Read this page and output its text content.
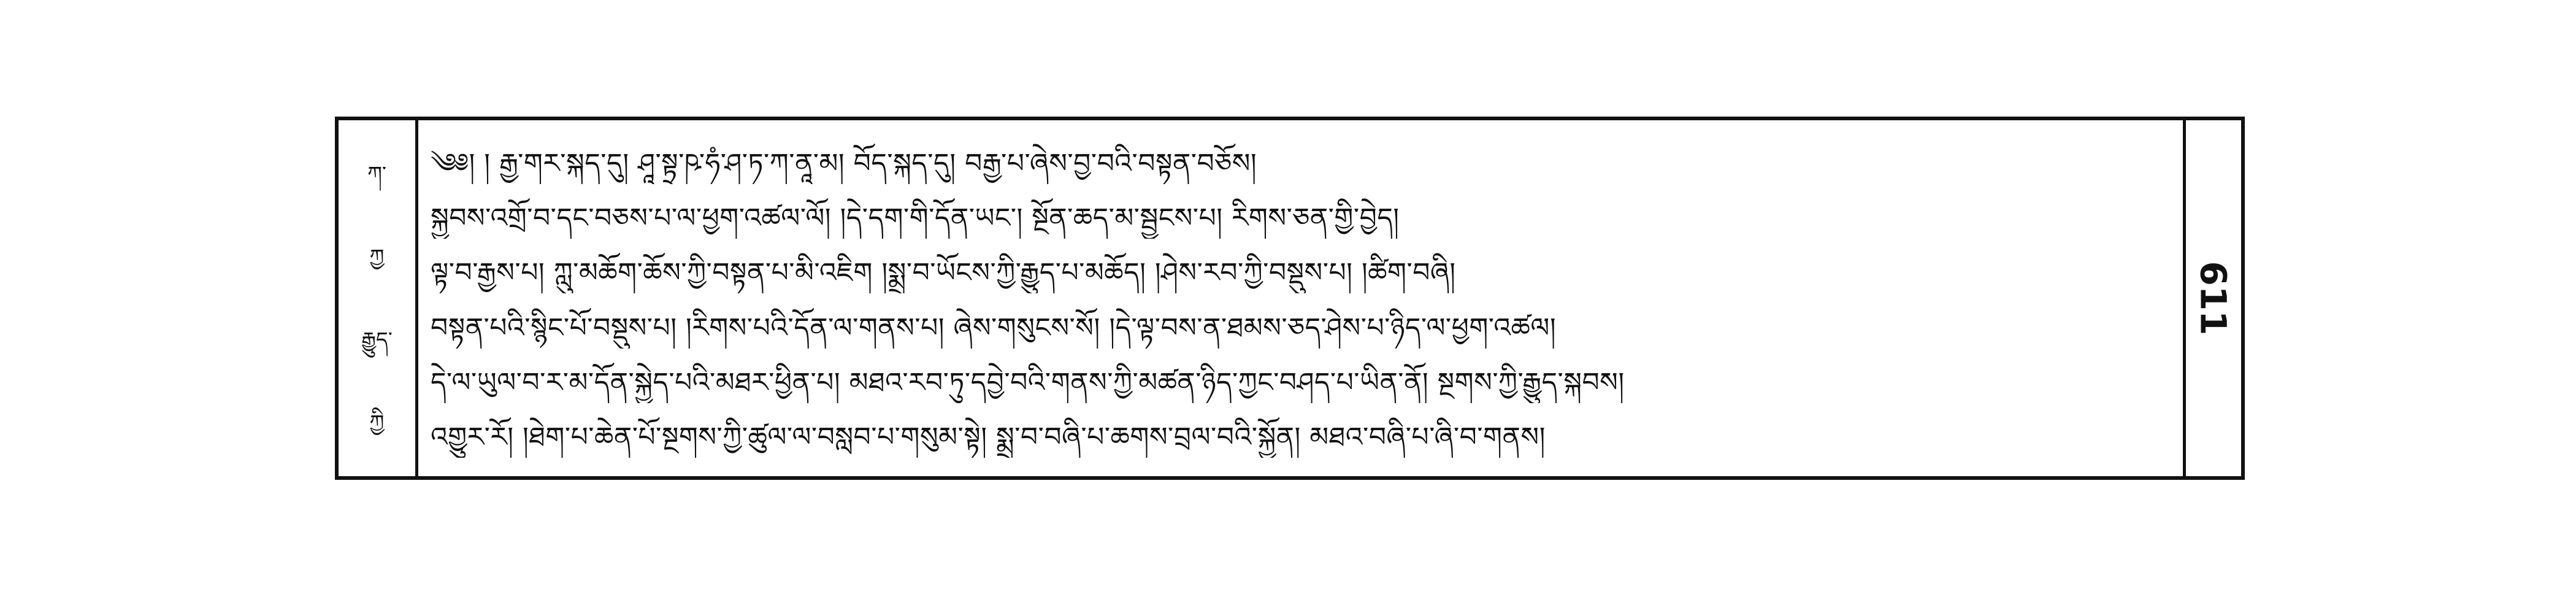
ཀ་
ཀྱ
རྒྱུད་
ཀྱི
༄༅། ། རྒྱ་གར་སྐད་དུ། ཤཱ་སྟྲ་ཥ་ཧཾ་ཤ་ཏ་ཀ་ནཱ་མ། བོད་སྐད་དུ། བརྒྱ་པ་ཞེས་བྱ་བའི་བསྟན་བཅོས།
སྐྱབས་འགྲོ་བ་དང་བཅས་པ་ལ་ཕྱག་འཚལ་ལོ། །དེ་དག་གི་དོན་ཡང་། སྔོན་ཆད་མ་སྦྱངས་པ། རིགས་ཅན་གྱི་བྱེད།
ལྟ་བ་རྒྱས་པ། ཀླུ་མཆོག་ཆོས་ཀྱི་བསྟན་པ་མི་འཇིག །སྨྲ་བ་ཡོངས་ཀྱི་རྒྱུད་པ་མཆོད། །ཤེས་རབ་ཀྱི་བསྡུས་པ། །ཚིག་བཞི།
བསྟན་པའི་སྙིང་པོ་བསྡུས་པ། །རིགས་པའི་དོན་ལ་གནས་པ། ཞེས་གསུངས་སོ། །དེ་ལྟ་བས་ན་ཐམས་ཅད་ཤེས་པ་ཉིད་ལ་ཕྱག་འཚལ།
དེ་ལ་ཡུལ་བ་ར་མ་དོན་སྐྱེད་པའི་མཐར་ཕྱིན་པ། མཐའ་རབ་ཏུ་དབྱེ་བའི་གནས་ཀྱི་མཚན་ཉིད་ཀྱང་བཤད་པ་ཡིན་ནོ། སྔགས་ཀྱི་རྒྱུད་སྐབས།
འགྱུར་རོ། །ཐེག་པ་ཆེན་པོ་སྔགས་ཀྱི་ཚུལ་ལ་བསླབ་པ་གསུམ་སྟེ། སྨྲ་བ་བཞི་པ་ཆགས་བྲལ་བའི་སྐྱོན། མཐའ་བཞི་པ་ཞི་བ་གནས།
611
